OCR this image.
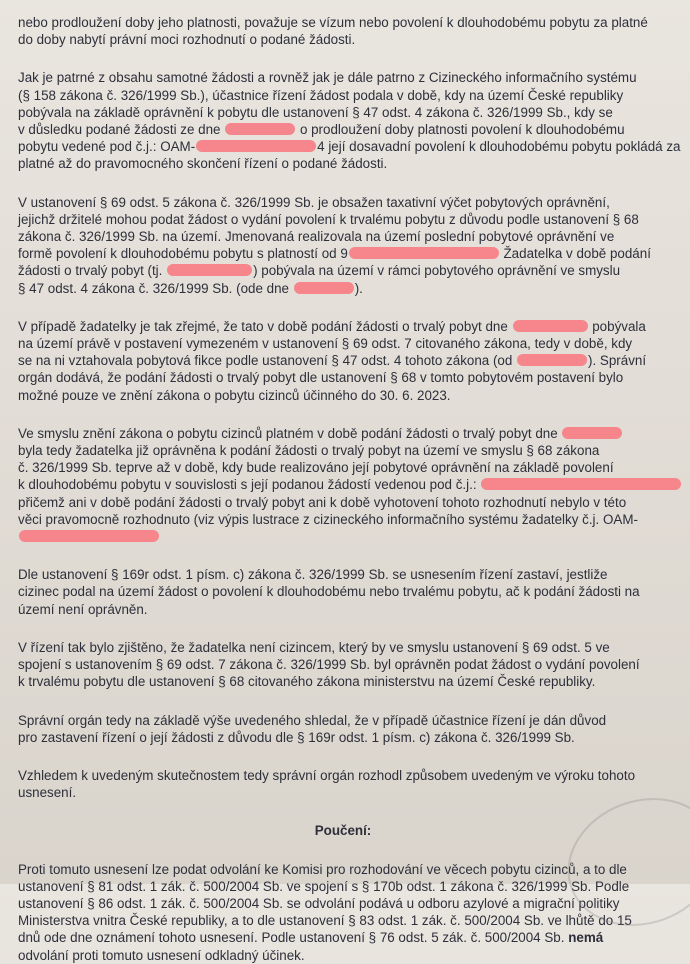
nebo prodloužení doby jeho platnosti, považuje se vízum nebo povolení k dlouhodobému pobytu za platné
do doby nabytí právní moci rozhodnutí o podané žádosti.
Jak je patrné z obsahu samotné žádosti a rovněž jak je dále patrno z Cizineckého informačního systému
(§ 158 zákona č. 326/1999 Sb.), účastnice řízení žádost podala v době, kdy na území České republiky
pobývala na základě oprávnění k pobytu dle ustanovení § 47 odst. 4 zákona č. 326/1999 Sb., kdy se
v důsledku podané žádosti ze dne	o prodloužení doby platnosti povolení k dlouhodobému
pobytu vedené pod č.j.: OAM-	4 její dosavadní povolení k dlouhodobému pobytu pokládá za
platné až do pravomocného skončení řízení o podané žádosti.
V ustanovení § 69 odst. 5 zákona č. 326/1999 Sb. je obsažen taxativní výčet pobytových oprávnění,
jejichž držitelé mohou podat žádost o vydání povolení k trvalému pobytu z důvodu podle ustanovení § 68
zákona č. 326/1999 Sb. na území. Jmenovaná realizovala na území poslední pobytové oprávnění ve
formě povolení k dlouhodobému pobytu s platností od 9	Žadatelka v době podání
žádosti o trvalý pobyt (tj.	) pobývala na území v rámci pobytového oprávnění ve smyslu
§ 47 odst. 4 zákona č. 326/1999 Sb. (ode dne	).
V případě žadatelky je tak zřejmé, že tato v době podání žádosti o trvalý pobyt dne	pobývala
na území právě v postavení vymezeném v ustanovení § 69 odst. 7 citovaného zákona, tedy v době, kdy
se na ni vztahovala pobytová fikce podle ustanovení § 47 odst. 4 tohoto zákona (od	). Správní
orgán dodává, že podání žádosti o trvalý pobyt dle ustanovení § 68 v tomto pobytovém postavení bylo
možné pouze ve znění zákona o pobytu cizinců účinného do 30. 6. 2023.
Ve smyslu znění zákona o pobytu cizinců platném v době podání žádosti o trvalý pobyt dne
byla tedy žadatelka již oprávněna k podání žádosti o trvalý pobyt na území ve smyslu § 68 zákona
č. 326/1999 Sb. teprve až v době, kdy bude realizováno její pobytové oprávnění na základě povolení
k dlouhodobému pobytu v souvislosti s její podanou žádostí vedenou pod č.j.:
přičemž ani v době podání žádosti o trvalý pobyt ani k době vyhotovení tohoto rozhodnutí nebylo v této
věci pravomocně rozhodnuto (viz výpis lustrace z cizineckého informačního systému žadatelky č.j. OAM-
Dle ustanovení § 169r odst. 1 písm. c) zákona č. 326/1999 Sb. se usnesením řízení zastaví, jestliže
cizinec podal na území žádost o povolení k dlouhodobému nebo trvalému pobytu, ač k podání žádosti na
území není oprávněn.
V řízení tak bylo zjištěno, že žadatelka není cizincem, který by ve smyslu ustanovení § 69 odst. 5 ve
spojení s ustanovením § 69 odst. 7 zákona č. 326/1999 Sb. byl oprávněn podat žádost o vydání povolení
k trvalému pobytu dle ustanovení § 68 citovaného zákona ministerstvu na území České republiky.
Správní orgán tedy na základě výše uvedeného shledal, že v případě účastnice řízení je dán důvod
pro zastavení řízení o její žádosti z důvodu dle § 169r odst. 1 písm. c) zákona č. 326/1999 Sb.
Vzhledem k uvedeným skutečnostem tedy správní orgán rozhodl způsobem uvedeným ve výroku tohoto
usnesení.
Poučení:
Proti tomuto usnesení lze podat odvolání ke Komisi pro rozhodování ve věcech pobytu cizinců, a to dle
ustanovení § 81 odst. 1 zák. č. 500/2004 Sb. ve spojení s § 170b odst. 1 zákona č. 326/1999 Sb. Podle
ustanovení § 86 odst. 1 zák. č. 500/2004 Sb. se odvolání podává u odboru azylové a migrační politiky
Ministerstva vnitra České republiky, a to dle ustanovení § 83 odst. 1 zák. č. 500/2004 Sb. ve lhůtě do 15
dnů ode dne oznámení tohoto usnesení. Podle ustanovení § 76 odst. 5 zák. č. 500/2004 Sb. nemá
odvolání proti tomuto usnesení odkladný účinek.
